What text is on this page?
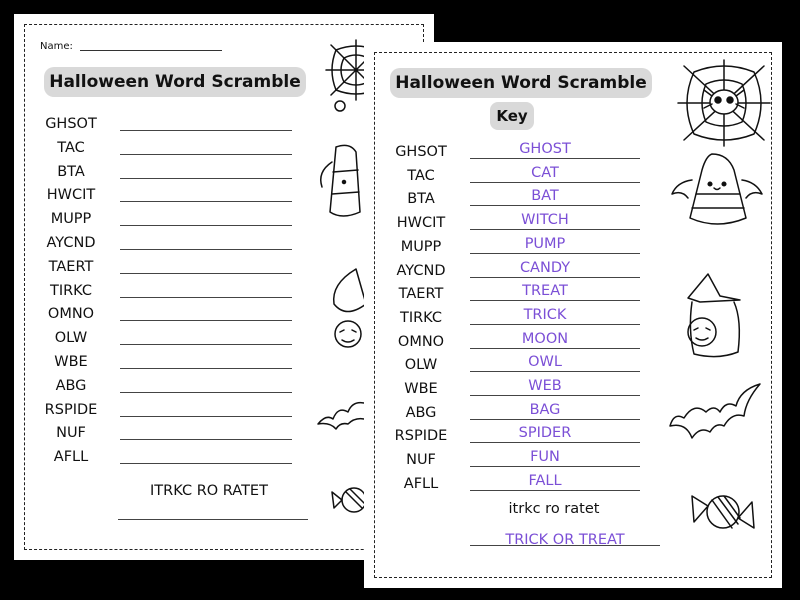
Name:
Halloween Word Scramble
GHSOT
TAC
BTA
HWCIT
MUPP
AYCND
TAERT
TIRKC
OMNO
OLW
WBE
ABG
RSPIDE
NUF
AFLL
ITRKC RO RATET
Halloween Word Scramble
Key
GHSOT	GHOST
TAC	CAT
BTA	BAT
HWCIT	WITCH
MUPP	PUMP
AYCND	CANDY
TAERT	TREAT
TIRKC	TRICK
OMNO	MOON
OLW	OWL
WBE	WEB
ABG	BAG
RSPIDE	SPIDER
NUF	FUN
AFLL	FALL
itrkc ro ratet
TRICK OR TREAT
